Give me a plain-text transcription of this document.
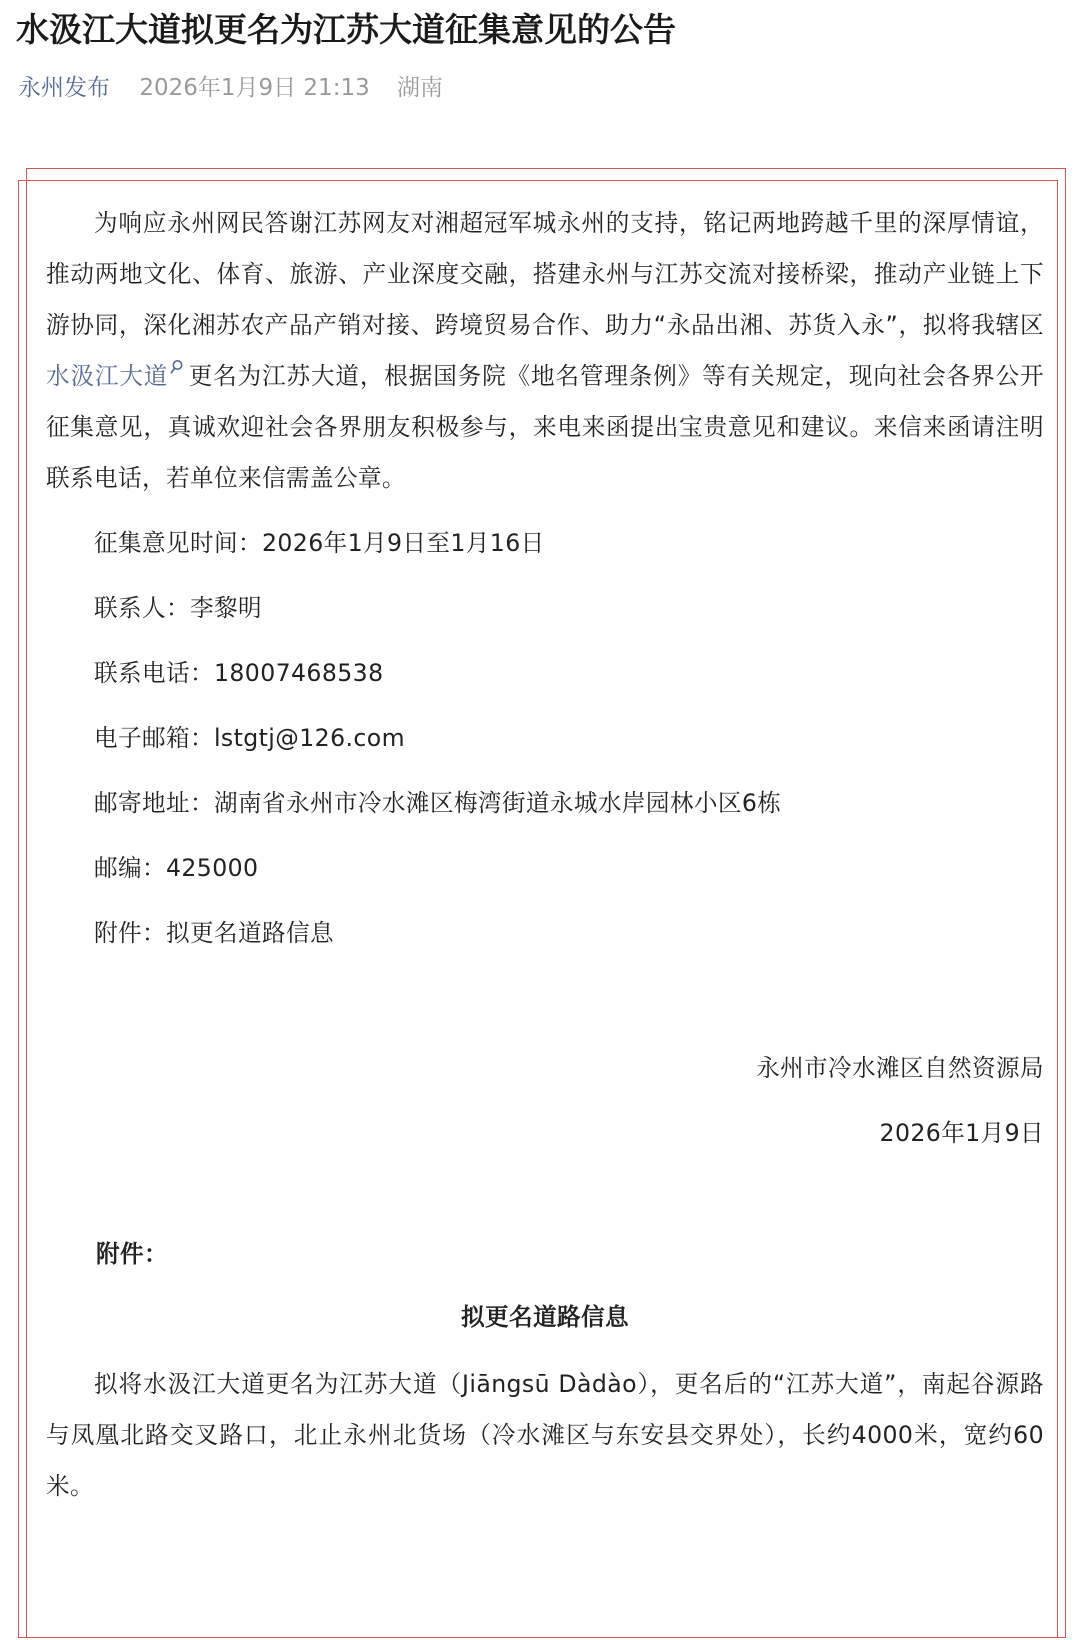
水汲江大道拟更名为江苏大道征集意见的公告
永州发布 2026年1月9日 21:13 湖南

为响应永州网民答谢江苏网友对湘超冠军城永州的支持，铭记两地跨越千里的深厚情谊，推动两地文化、体育、旅游、产业深度交融，搭建永州与江苏交流对接桥梁，推动产业链上下游协同，深化湘苏农产品产销对接、跨境贸易合作、助力“永品出湘、苏货入永”，拟将我辖区水汲江大道 更名为江苏大道，根据国务院《地名管理条例》等有关规定，现向社会各界公开征集意见，真诚欢迎社会各界朋友积极参与，来电来函提出宝贵意见和建议。来信来函请注明联系电话，若单位来信需盖公章。

征集意见时间：2026年1月9日至1月16日

联系人：李黎明

联系电话：18007468538

电子邮箱：lstgtj@126.com

邮寄地址：湖南省永州市冷水滩区梅湾街道永城水岸园林小区6栋

邮编：425000

附件：拟更名道路信息

永州市冷水滩区自然资源局

2026年1月9日

附件：

拟更名道路信息

拟将水汲江大道更名为江苏大道（Jiāngsū Dàdào），更名后的“江苏大道”，南起谷源路与凤凰北路交叉路口，北止永州北货场（冷水滩区与东安县交界处），长约4000米，宽约60米。
